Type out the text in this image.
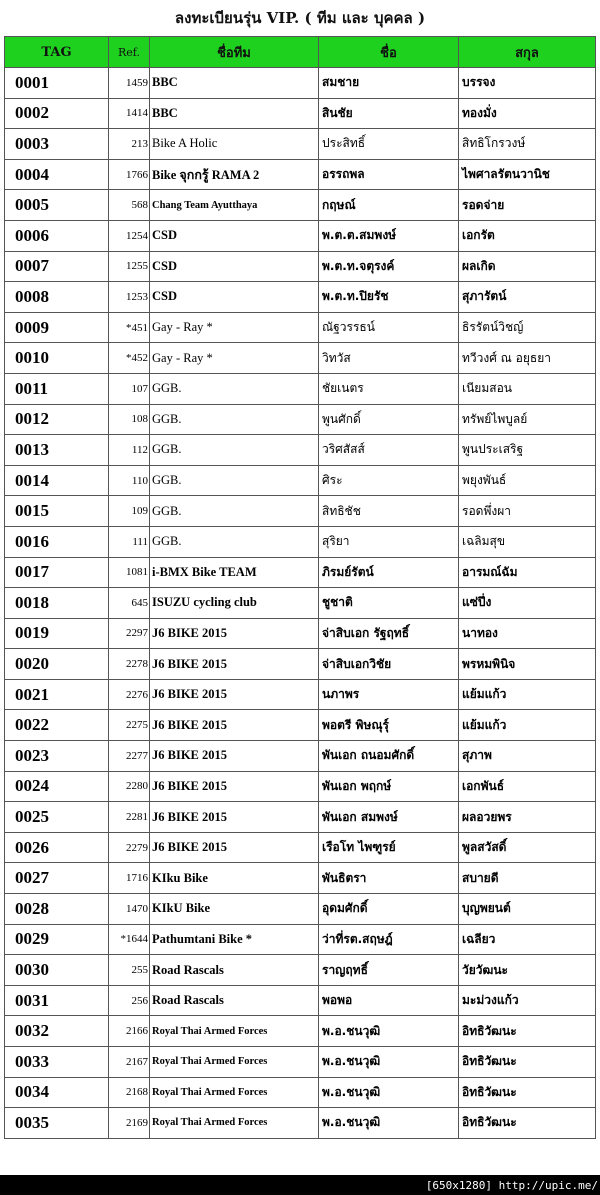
ลงทะเบียนรุ่น VIP. ( ทีม และ บุคคล )
TAG	Ref.	ชื่อทีม	ชื่อ	สกุล
0001	1459	BBC	สมชาย	บรรจง
0002	1414	BBC	สินชัย	ทองมั่ง
0003	213	Bike A Holic	ประสิทธิ์	สิทธิโกรวงษ์
0004	1766	Bike จุกกรู้ RAMA 2	อรรถพล	ไพศาลรัตนวานิช
0005	568	Chang Team Ayutthaya	กฤษณ์	รอดจ่าย
0006	1254	CSD	พ.ต.ต.สมพงษ์	เอกรัต
0007	1255	CSD	พ.ต.ท.จตุรงค์	ผลเกิด
0008	1253	CSD	พ.ต.ท.ปิยรัช	สุภารัตน์
0009	*451	Gay - Ray *	ณัฐวรรธน์	ธิรรัตน์วิชญ์
0010	*452	Gay - Ray *	วิทวัส	ทวีวงศ์ ณ อยุธยา
0011	107	GGB.	ชัยเนตร	เนียมสอน
0012	108	GGB.	พูนศักดิ์	ทรัพย์ไพบูลย์
0013	112	GGB.	วริศสัสส์	พูนประเสริฐ
0014	110	GGB.	ศิระ	พยุงพันธ์
0015	109	GGB.	สิทธิชัช	รอดพึ่งผา
0016	111	GGB.	สุริยา	เฉลิมสุข
0017	1081	i-BMX Bike TEAM	ภิรมย์รัตน์	อารมณ์ฉัม
0018	645	ISUZU cycling club	ชูชาติ	แซ่ปึ่ง
0019	2297	J6 BIKE 2015	จ่าสิบเอก รัฐฤทธิ์	นาทอง
0020	2278	J6 BIKE 2015	จ่าสิบเอกวิชัย	พรหมพินิจ
0021	2276	J6 BIKE 2015	นภาพร	แย้มแก้ว
0022	2275	J6 BIKE 2015	พอตรี พิษณุรุ์	แย้มแก้ว
0023	2277	J6 BIKE 2015	พันเอก ถนอมศักดิ์	สุภาพ
0024	2280	J6 BIKE 2015	พันเอก พฤกษ์	เอกพันธ์
0025	2281	J6 BIKE 2015	พันเอก สมพงษ์	ผลอวยพร
0026	2279	J6 BIKE 2015	เรือโท ไพฑูรย์	พูลสวัสดิ์
0027	1716	KIku Bike	พันธิตรา	สบายดี
0028	1470	KIkU Bike	อุดมศักดิ์	บุญพยนต์
0029	*1644	Pathumtani Bike *	ว่าที่รต.สฤษฎ์	เฉลียว
0030	255	Road Rascals	ราญฤทธิ์	วัยวัฒนะ
0031	256	Road Rascals	พอพอ	มะม่วงแก้ว
0032	2166	Royal Thai Armed Forces	พ.อ.ชนวุฒิ	อิทธิวัฒนะ
0033	2167	Royal Thai Armed Forces	พ.อ.ชนวุฒิ	อิทธิวัฒนะ
0034	2168	Royal Thai Armed Forces	พ.อ.ชนวุฒิ	อิทธิวัฒนะ
0035	2169	Royal Thai Armed Forces	พ.อ.ชนวุฒิ	อิทธิวัฒนะ
[650x1280] http://upic.me/
